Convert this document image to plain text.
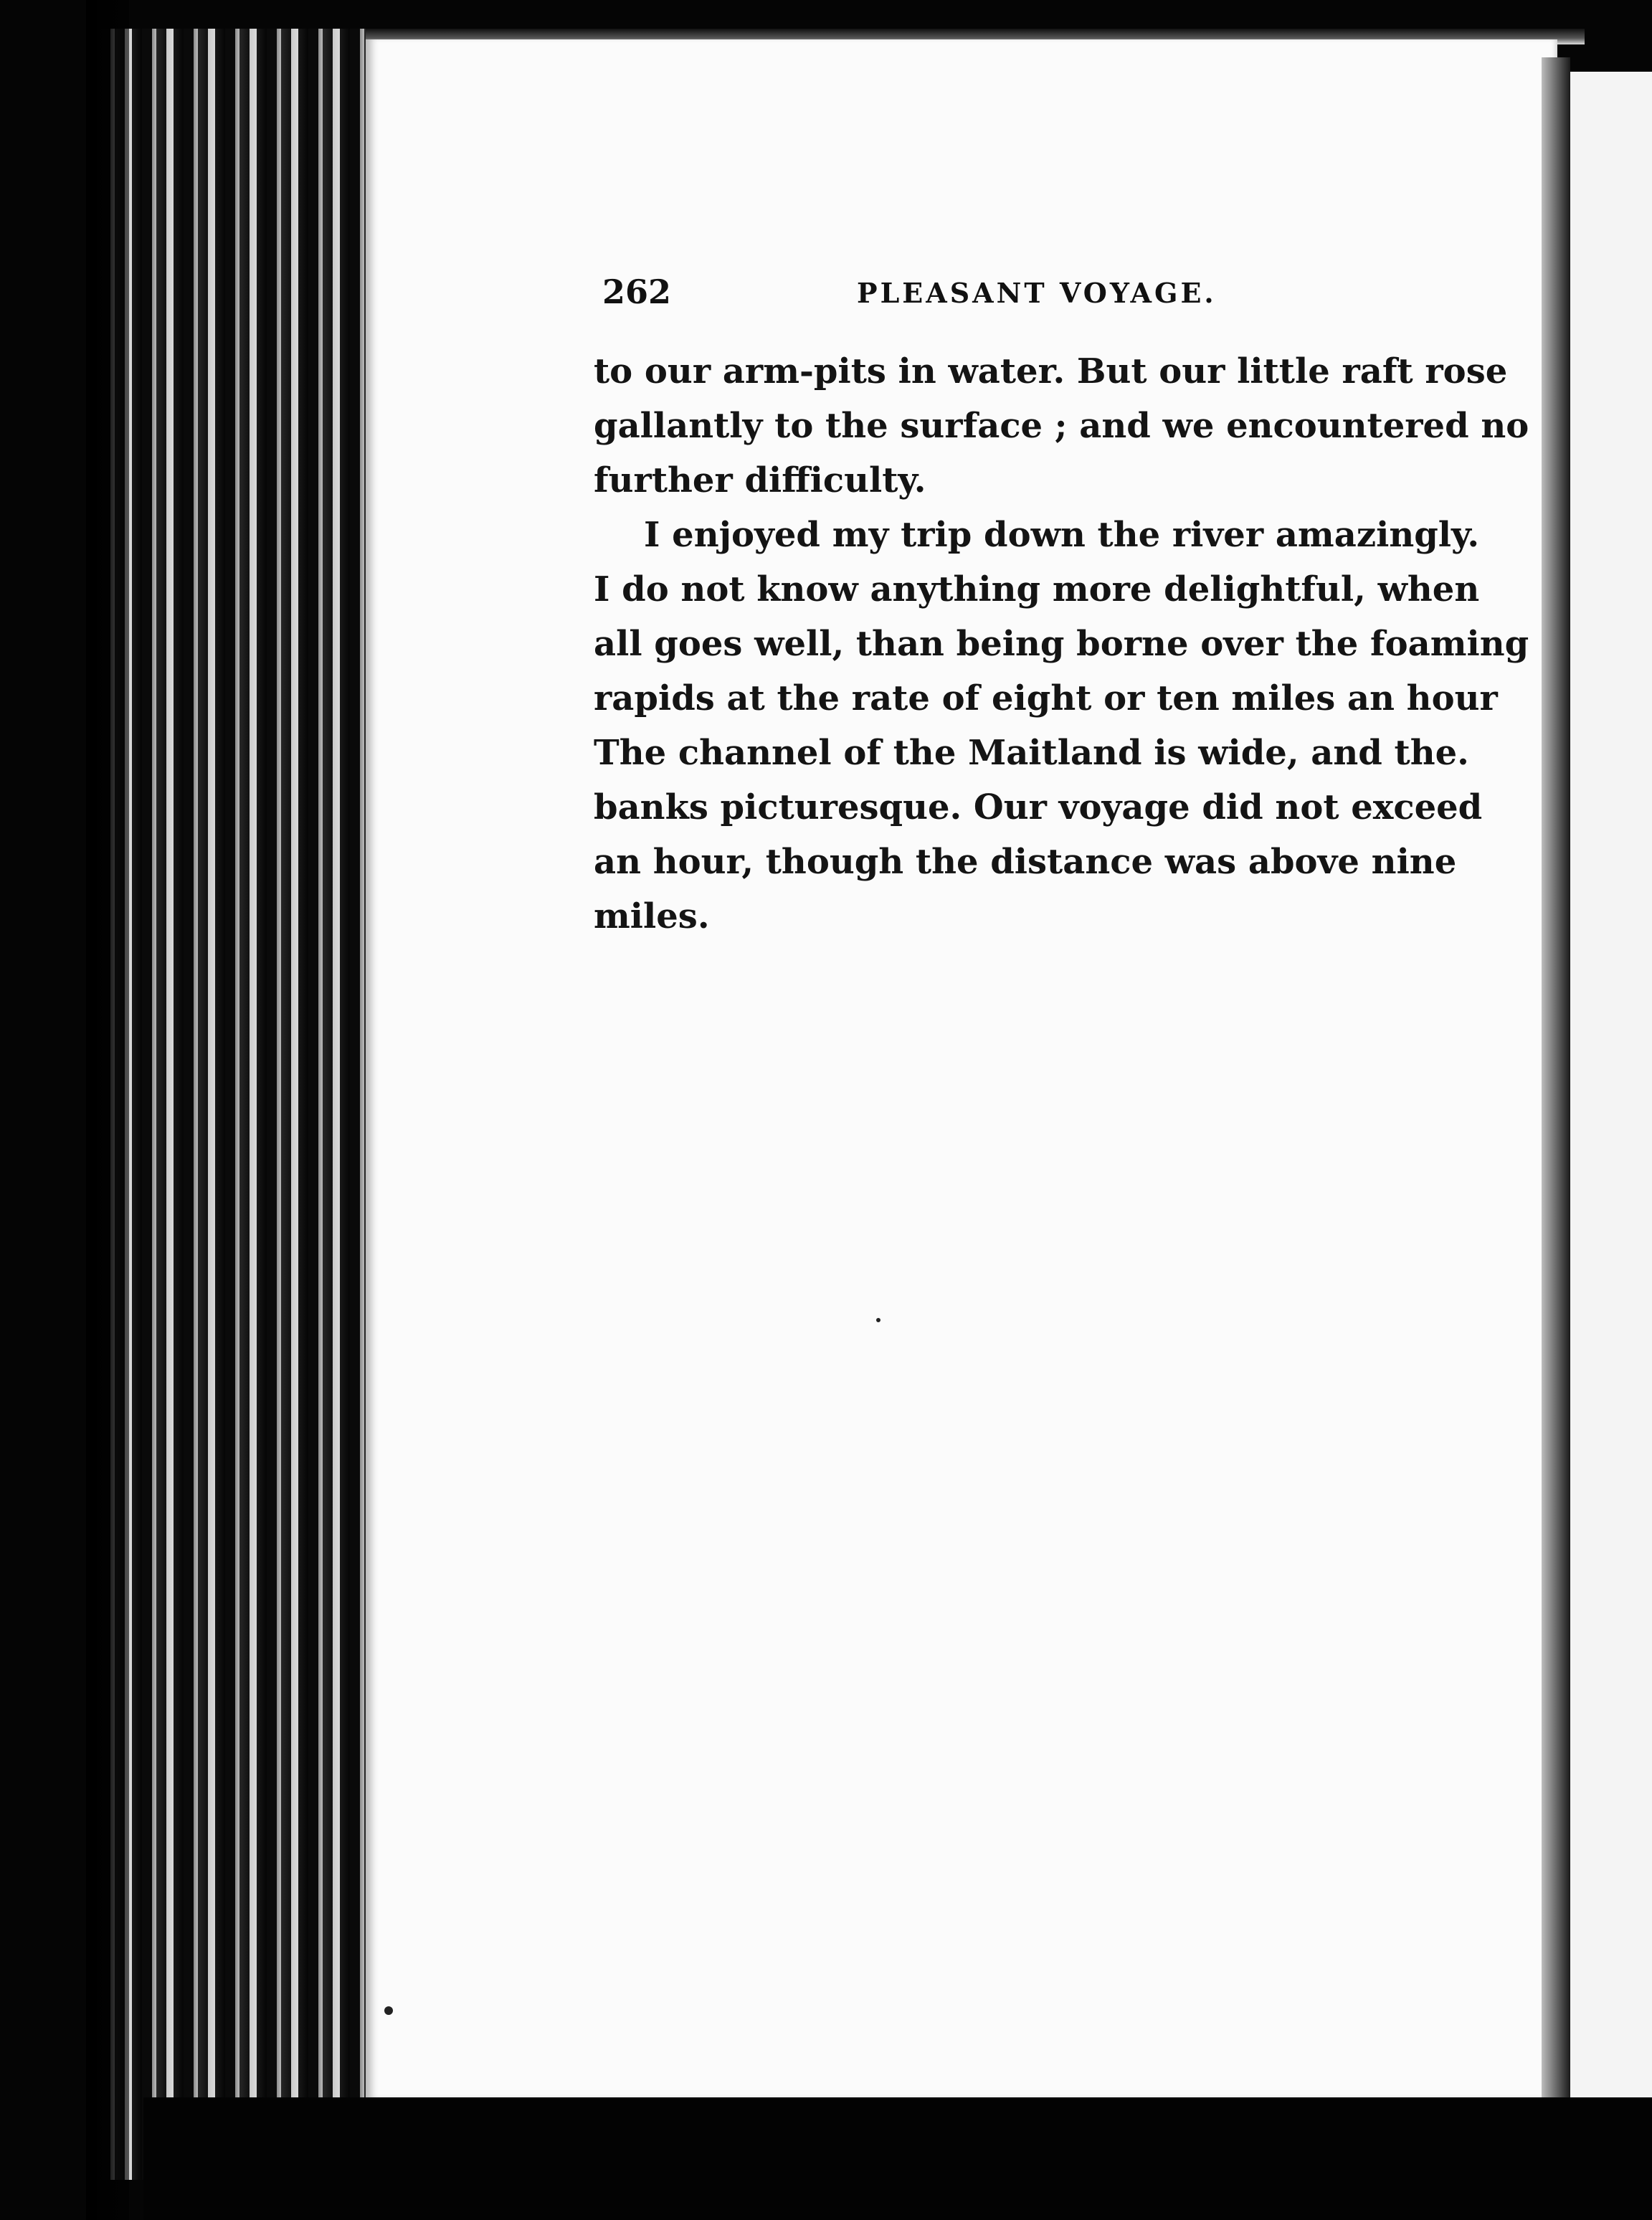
262	PLEASANT VOYAGE.
to our arm-pits in water. But our little raft rose
gallantly to the surface ; and we encountered no
further difficulty.
I enjoyed my trip down the river amazingly.
I do not know anything more delightful, when
all goes well, than being borne over the foaming
rapids at the rate of eight or ten miles an hour
The channel of the Maitland is wide, and the.
banks picturesque. Our voyage did not exceed
an hour, though the distance was above nine
miles.
